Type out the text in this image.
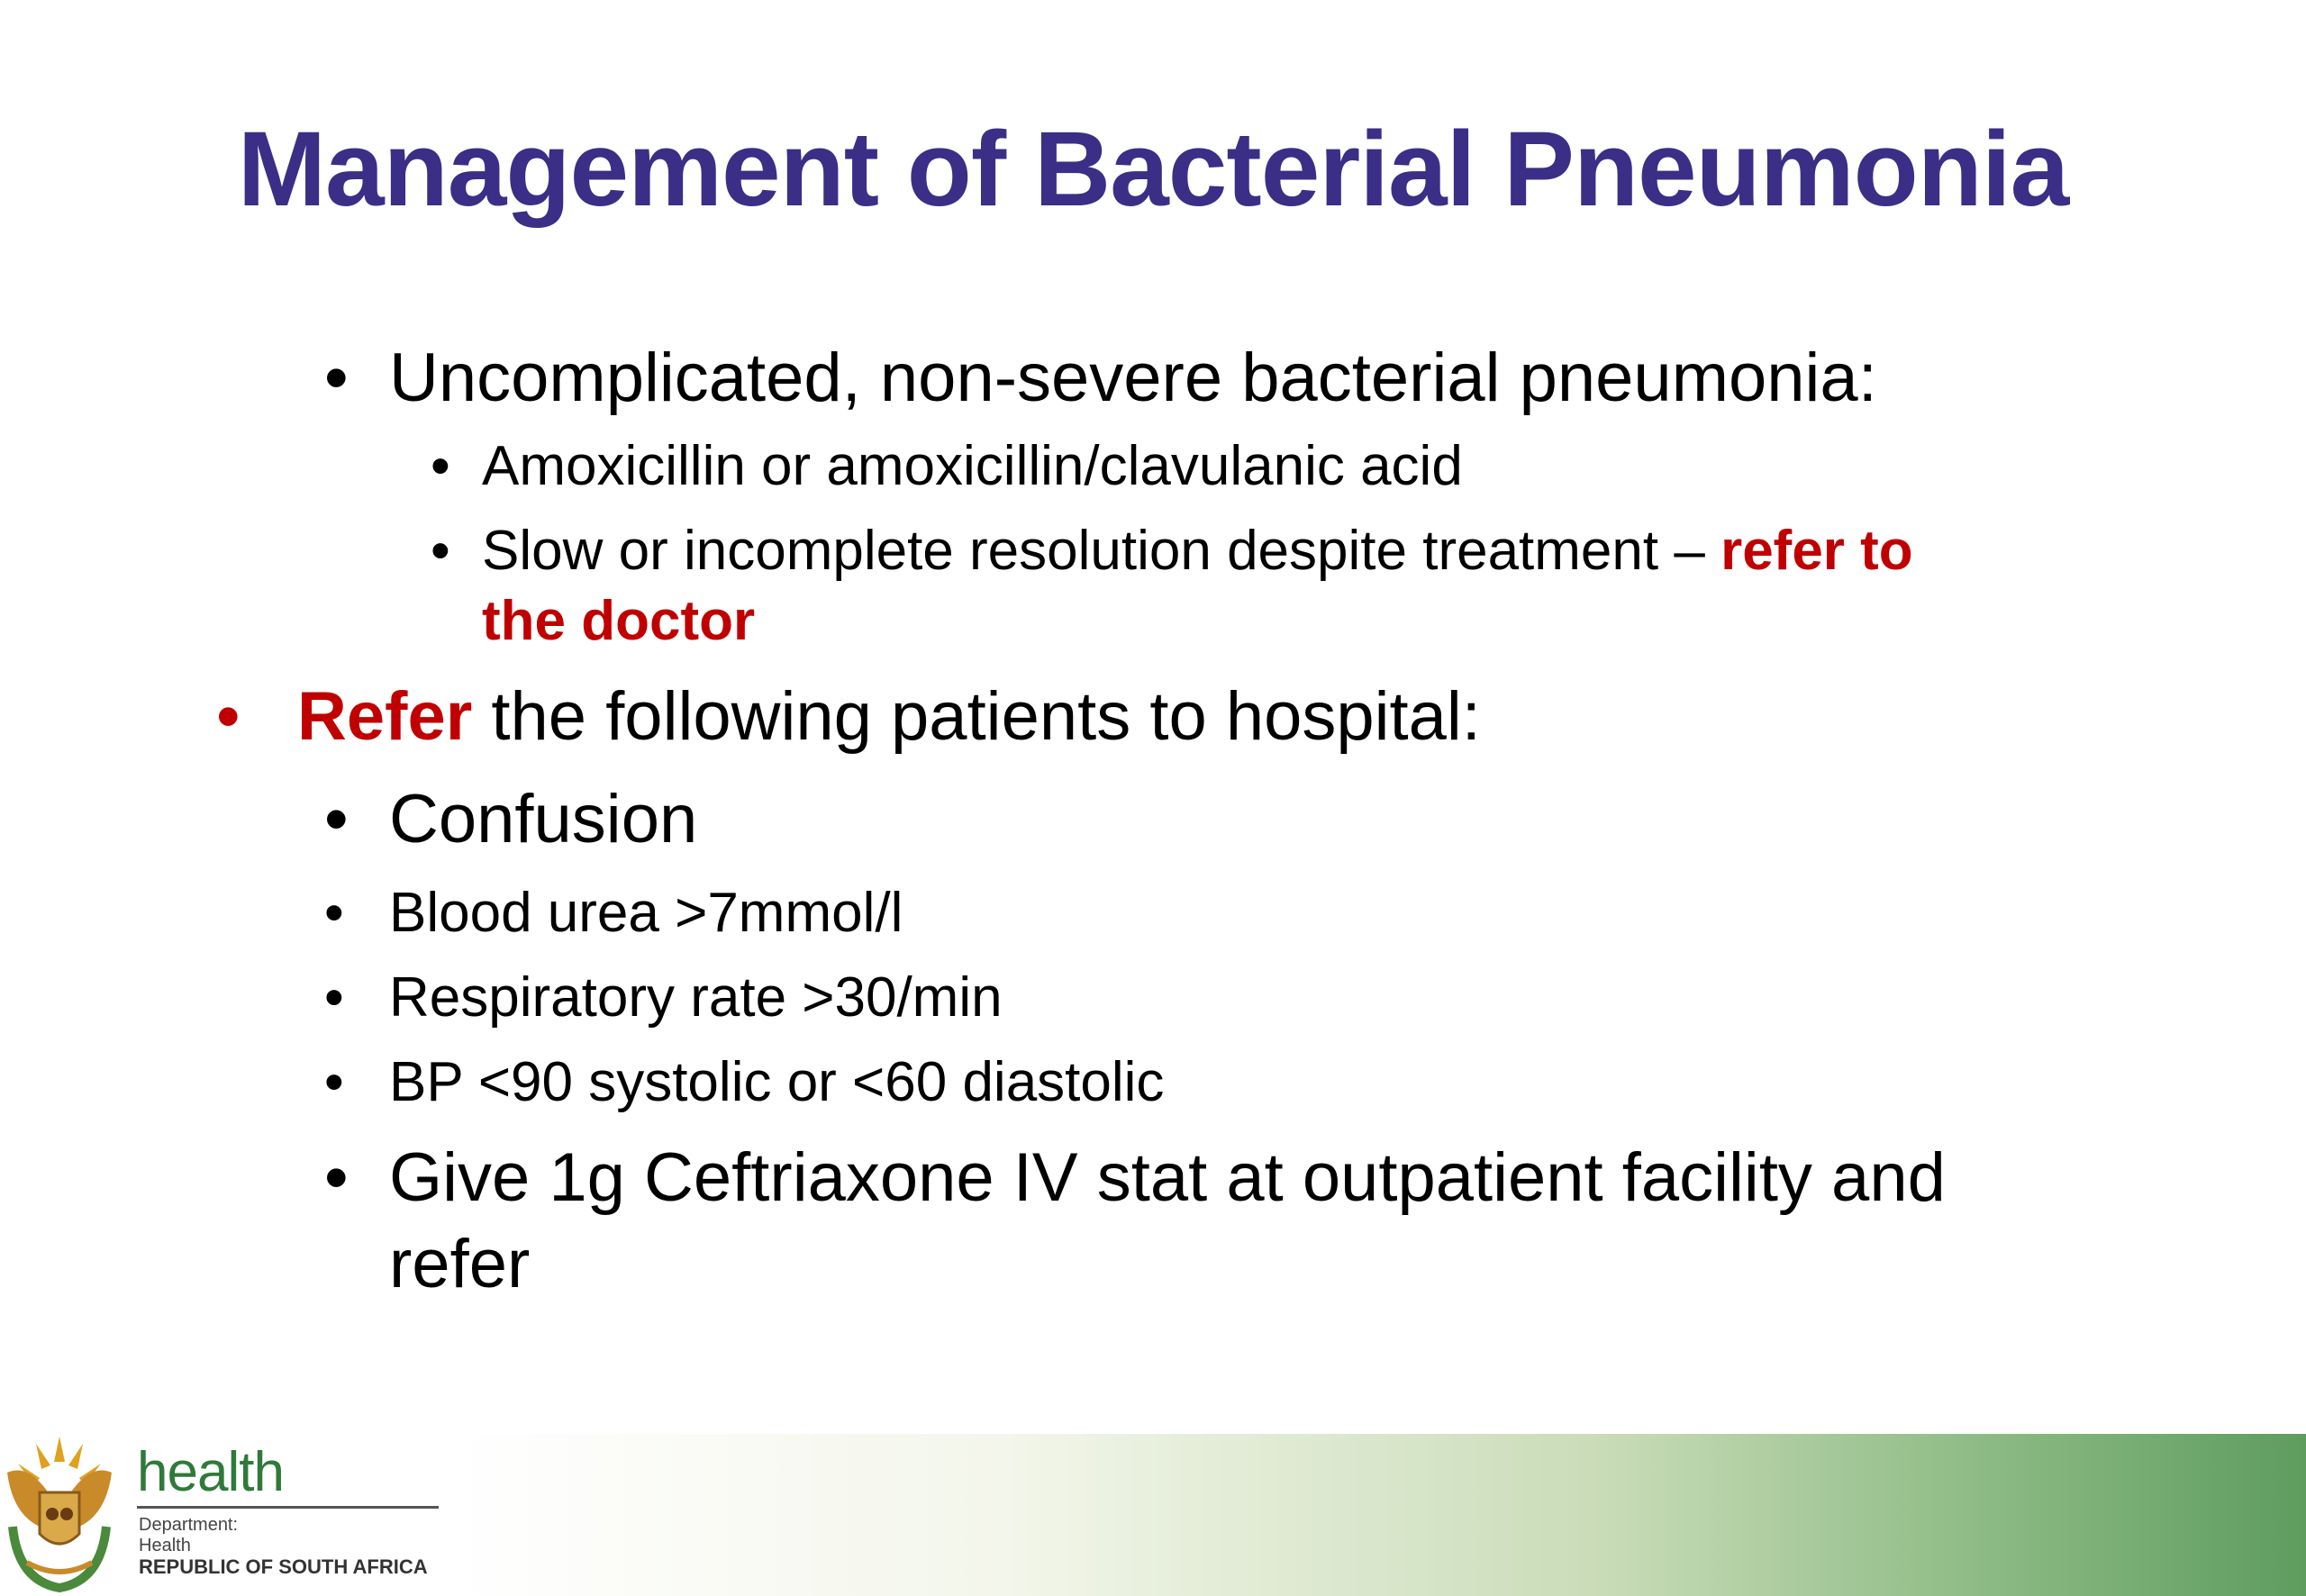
Management of Bacterial Pneumonia
• Uncomplicated, non-severe bacterial pneumonia:
• Amoxicillin or amoxicillin/clavulanic acid
• Slow or incomplete resolution despite treatment – refer to
the doctor
• Refer the following patients to hospital:
• Confusion
• Blood urea >7mmol/l
• Respiratory rate >30/min
• BP <90 systolic or <60 diastolic
• Give 1g Ceftriaxone IV stat at outpatient facility and
refer
health
Department:
Health
REPUBLIC OF SOUTH AFRICA
